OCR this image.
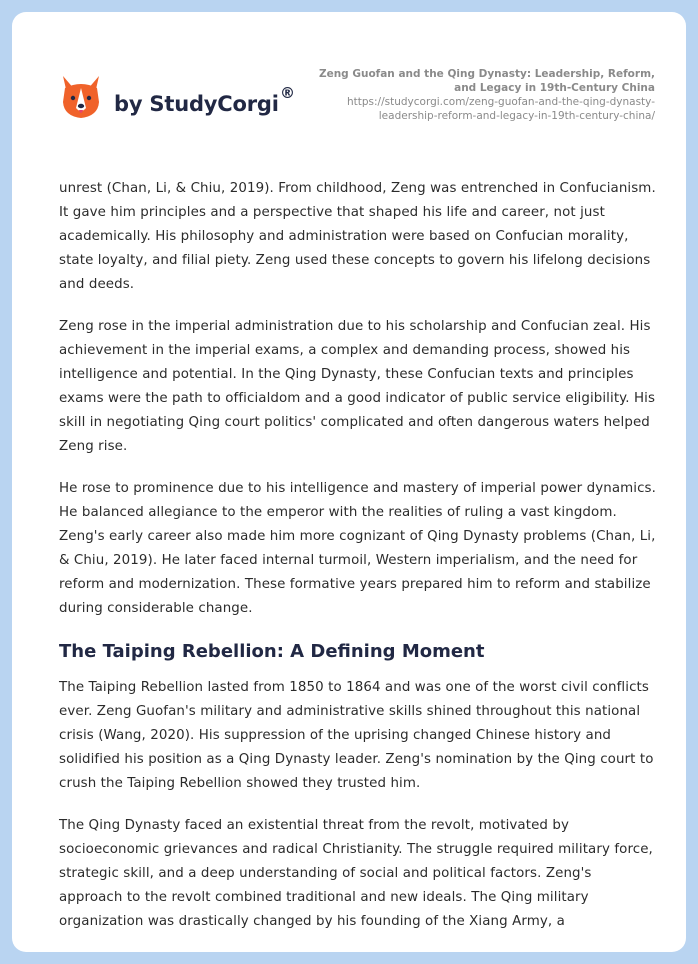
by StudyCorgi ®
Zeng Guofan and the Qing Dynasty: Leadership, Reform,
and Legacy in 19th-Century China
https://studycorgi.com/zeng-guofan-and-the-qing-dynasty-
leadership-reform-and-legacy-in-19th-century-china/

unrest (Chan, Li, & Chiu, 2019). From childhood, Zeng was entrenched in Confucianism. It gave him principles and a perspective that shaped his life and career, not just academically. His philosophy and administration were based on Confucian morality, state loyalty, and filial piety. Zeng used these concepts to govern his lifelong decisions and deeds.

Zeng rose in the imperial administration due to his scholarship and Confucian zeal. His achievement in the imperial exams, a complex and demanding process, showed his intelligence and potential. In the Qing Dynasty, these Confucian texts and principles exams were the path to officialdom and a good indicator of public service eligibility. His skill in negotiating Qing court politics' complicated and often dangerous waters helped Zeng rise.

He rose to prominence due to his intelligence and mastery of imperial power dynamics. He balanced allegiance to the emperor with the realities of ruling a vast kingdom. Zeng's early career also made him more cognizant of Qing Dynasty problems (Chan, Li, & Chiu, 2019). He later faced internal turmoil, Western imperialism, and the need for reform and modernization. These formative years prepared him to reform and stabilize during considerable change.

The Taiping Rebellion: A Defining Moment

The Taiping Rebellion lasted from 1850 to 1864 and was one of the worst civil conflicts ever. Zeng Guofan's military and administrative skills shined throughout this national crisis (Wang, 2020). His suppression of the uprising changed Chinese history and solidified his position as a Qing Dynasty leader. Zeng's nomination by the Qing court to crush the Taiping Rebellion showed they trusted him.

The Qing Dynasty faced an existential threat from the revolt, motivated by socioeconomic grievances and radical Christianity. The struggle required military force, strategic skill, and a deep understanding of social and political factors. Zeng's approach to the revolt combined traditional and new ideals. The Qing military organization was drastically changed by his founding of the Xiang Army, a
